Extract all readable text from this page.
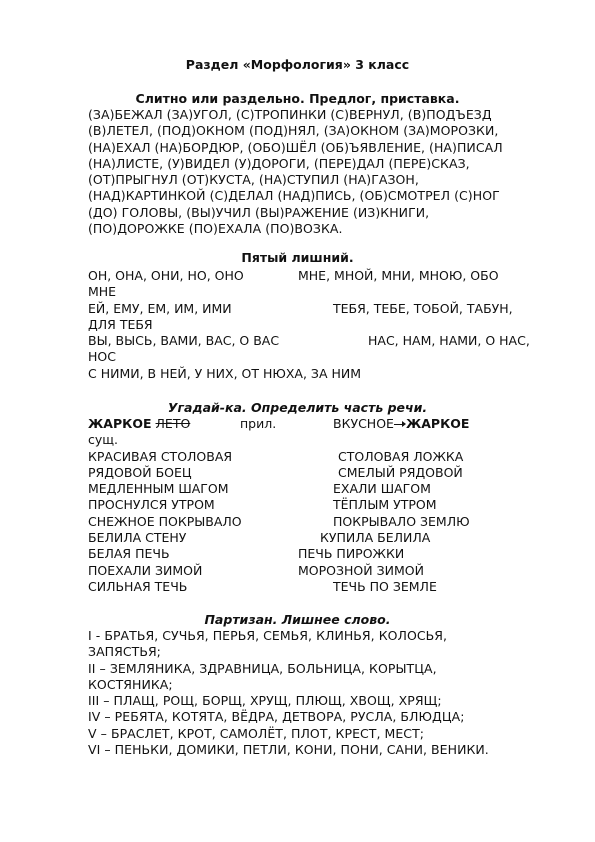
Раздел «Морфология» 3 класс
Слитно или раздельно. Предлог, приставка.
(ЗА)БЕЖАЛ (ЗА)УГОЛ, (С)ТРОПИНКИ (С)ВЕРНУЛ, (В)ПОДЪЕЗД
(В)ЛЕТЕЛ, (ПОД)ОКНОМ (ПОД)НЯЛ, (ЗА)ОКНОМ (ЗА)МОРОЗКИ,
(НА)ЕХАЛ (НА)БОРДЮР, (ОБО)ШЁЛ (ОБ)ЪЯВЛЕНИЕ, (НА)ПИСАЛ
(НА)ЛИСТЕ, (У)ВИДЕЛ (У)ДОРОГИ, (ПЕРЕ)ДАЛ (ПЕРЕ)СКАЗ,
(ОТ)ПРЫГНУЛ (ОТ)КУСТА, (НА)СТУПИЛ (НА)ГАЗОН,
(НАД)КАРТИНКОЙ (С)ДЕЛАЛ (НАД)ПИСЬ, (ОБ)СМОТРЕЛ (С)НОГ
(ДО) ГОЛОВЫ, (ВЫ)УЧИЛ (ВЫ)РАЖЕНИЕ (ИЗ)КНИГИ,
(ПО)ДОРОЖКЕ (ПО)ЕХАЛА (ПО)ВОЗКА.
Пятый лишний.
ОН, ОНА, ОНИ, НО, ОНО	МНЕ, МНОЙ, МНИ, МНОЮ, ОБО
МНЕ
ЕЙ, ЕМУ, ЕМ, ИМ, ИМИ	ТЕБЯ, ТЕБЕ, ТОБОЙ, ТАБУН,
ДЛЯ ТЕБЯ
ВЫ, ВЫСЬ, ВАМИ, ВАС, О ВАС	НАС, НАМ, НАМИ, О НАС,
НОС
С НИМИ, В НЕЙ, У НИХ, ОТ НЮХА, ЗА НИМ
Угадай-ка. Определить часть речи.
ЖАРКОЕ ЛЕТО	прил.	ВКУСНОЕ ЖАРКОЕ
сущ.
КРАСИВАЯ СТОЛОВАЯ	СТОЛОВАЯ ЛОЖКА
РЯДОВОЙ БОЕЦ	СМЕЛЫЙ РЯДОВОЙ
МЕДЛЕННЫМ ШАГОМ	ЕХАЛИ ШАГОМ
ПРОСНУЛСЯ УТРОМ	ТЁПЛЫМ УТРОМ
СНЕЖНОЕ ПОКРЫВАЛО	ПОКРЫВАЛО ЗЕМЛЮ
БЕЛИЛА СТЕНУ	КУПИЛА БЕЛИЛА
БЕЛАЯ ПЕЧЬ	ПЕЧЬ ПИРОЖКИ
ПОЕХАЛИ ЗИМОЙ	МОРОЗНОЙ ЗИМОЙ
СИЛЬНАЯ ТЕЧЬ	ТЕЧЬ ПО ЗЕМЛЕ
Партизан. Лишнее слово.
I - БРАТЬЯ, СУЧЬЯ, ПЕРЬЯ, СЕМЬЯ, КЛИНЬЯ, КОЛОСЬЯ,
ЗАПЯСТЬЯ;
II – ЗЕМЛЯНИКА, ЗДРАВНИЦА, БОЛЬНИЦА, КОРЫТЦА,
КОСТЯНИКА;
III – ПЛАЩ, РОЩ, БОРЩ, ХРУЩ, ПЛЮЩ, ХВОЩ, ХРЯЩ;
IV – РЕБЯТА, КОТЯТА, ВЁДРА, ДЕТВОРА, РУСЛА, БЛЮДЦА;
V – БРАСЛЕТ, КРОТ, САМОЛЁТ, ПЛОТ, КРЕСТ, МЕСТ;
VI – ПЕНЬКИ, ДОМИКИ, ПЕТЛИ, КОНИ, ПОНИ, САНИ, ВЕНИКИ.
